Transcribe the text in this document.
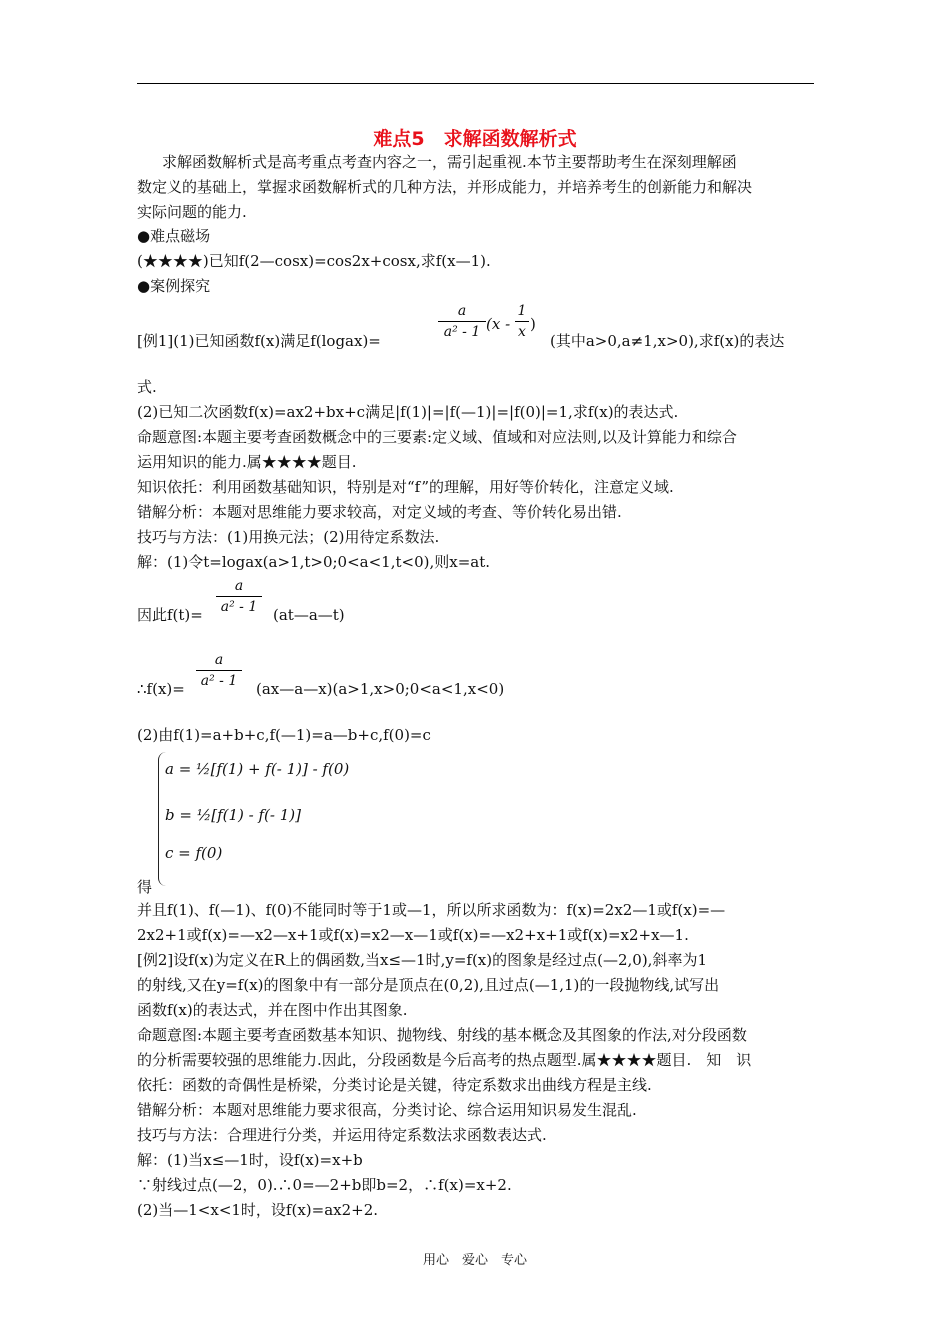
难点5　求解函数解析式
求解函数解析式是高考重点考查内容之一，需引起重视.本节主要帮助考生在深刻理解函
数定义的基础上，掌握求函数解析式的几种方法，并形成能力，并培养考生的创新能力和解决
实际问题的能力.
●难点磁场
(★★★★)已知f(2—cosx)=cos2x+cosx,求f(x—1).
●案例探究
[例1](1)已知函数f(x)满足f(logax)=
a
a² - 1 (x -
1
x )
(其中a>0,a≠1,x>0),求f(x)的表达
式.
(2)已知二次函数f(x)=ax2+bx+c满足|f(1)|=|f(—1)|=|f(0)|=1,求f(x)的表达式.
命题意图:本题主要考查函数概念中的三要素:定义域、值域和对应法则,以及计算能力和综合
运用知识的能力.属★★★★题目.
知识依托：利用函数基础知识，特别是对“f”的理解，用好等价转化，注意定义域.
错解分析：本题对思维能力要求较高，对定义域的考查、等价转化易出错.
技巧与方法：(1)用换元法；(2)用待定系数法.
解：(1)令t=logax(a>1,t>0;0<a<1,t<0),则x=at.
a
a² - 1
因此f(t)=	(at—a—t)
a
a² - 1
∴f(x)=	(ax—a—x)(a>1,x>0;0<a<1,x<0)
(2)由f(1)=a+b+c,f(—1)=a—b+c,f(0)=c
a = ½[f(1) + f(- 1)] - f(0)
b = ½[f(1) - f(- 1)]
c = f(0)
得
并且f(1)、f(—1)、f(0)不能同时等于1或—1，所以所求函数为：f(x)=2x2—1或f(x)=—
2x2+1或f(x)=—x2—x+1或f(x)=x2—x—1或f(x)=—x2+x+1或f(x)=x2+x—1.
[例2]设f(x)为定义在R上的偶函数,当x≤—1时,y=f(x)的图象是经过点(—2,0),斜率为1
的射线,又在y=f(x)的图象中有一部分是顶点在(0,2),且过点(—1,1)的一段抛物线,试写出
函数f(x)的表达式，并在图中作出其图象.
命题意图:本题主要考查函数基本知识、抛物线、射线的基本概念及其图象的作法,对分段函数
的分析需要较强的思维能力.因此，分段函数是今后高考的热点题型.属★★★★题目.　知　识
依托：函数的奇偶性是桥梁，分类讨论是关键，待定系数求出曲线方程是主线.
错解分析：本题对思维能力要求很高，分类讨论、综合运用知识易发生混乱.
技巧与方法：合理进行分类，并运用待定系数法求函数表达式.
解：(1)当x≤—1时，设f(x)=x+b
∵射线过点(—2，0).∴0=—2+b即b=2，∴f(x)=x+2.
(2)当—1<x<1时，设f(x)=ax2+2.
用心　爱心　专心
